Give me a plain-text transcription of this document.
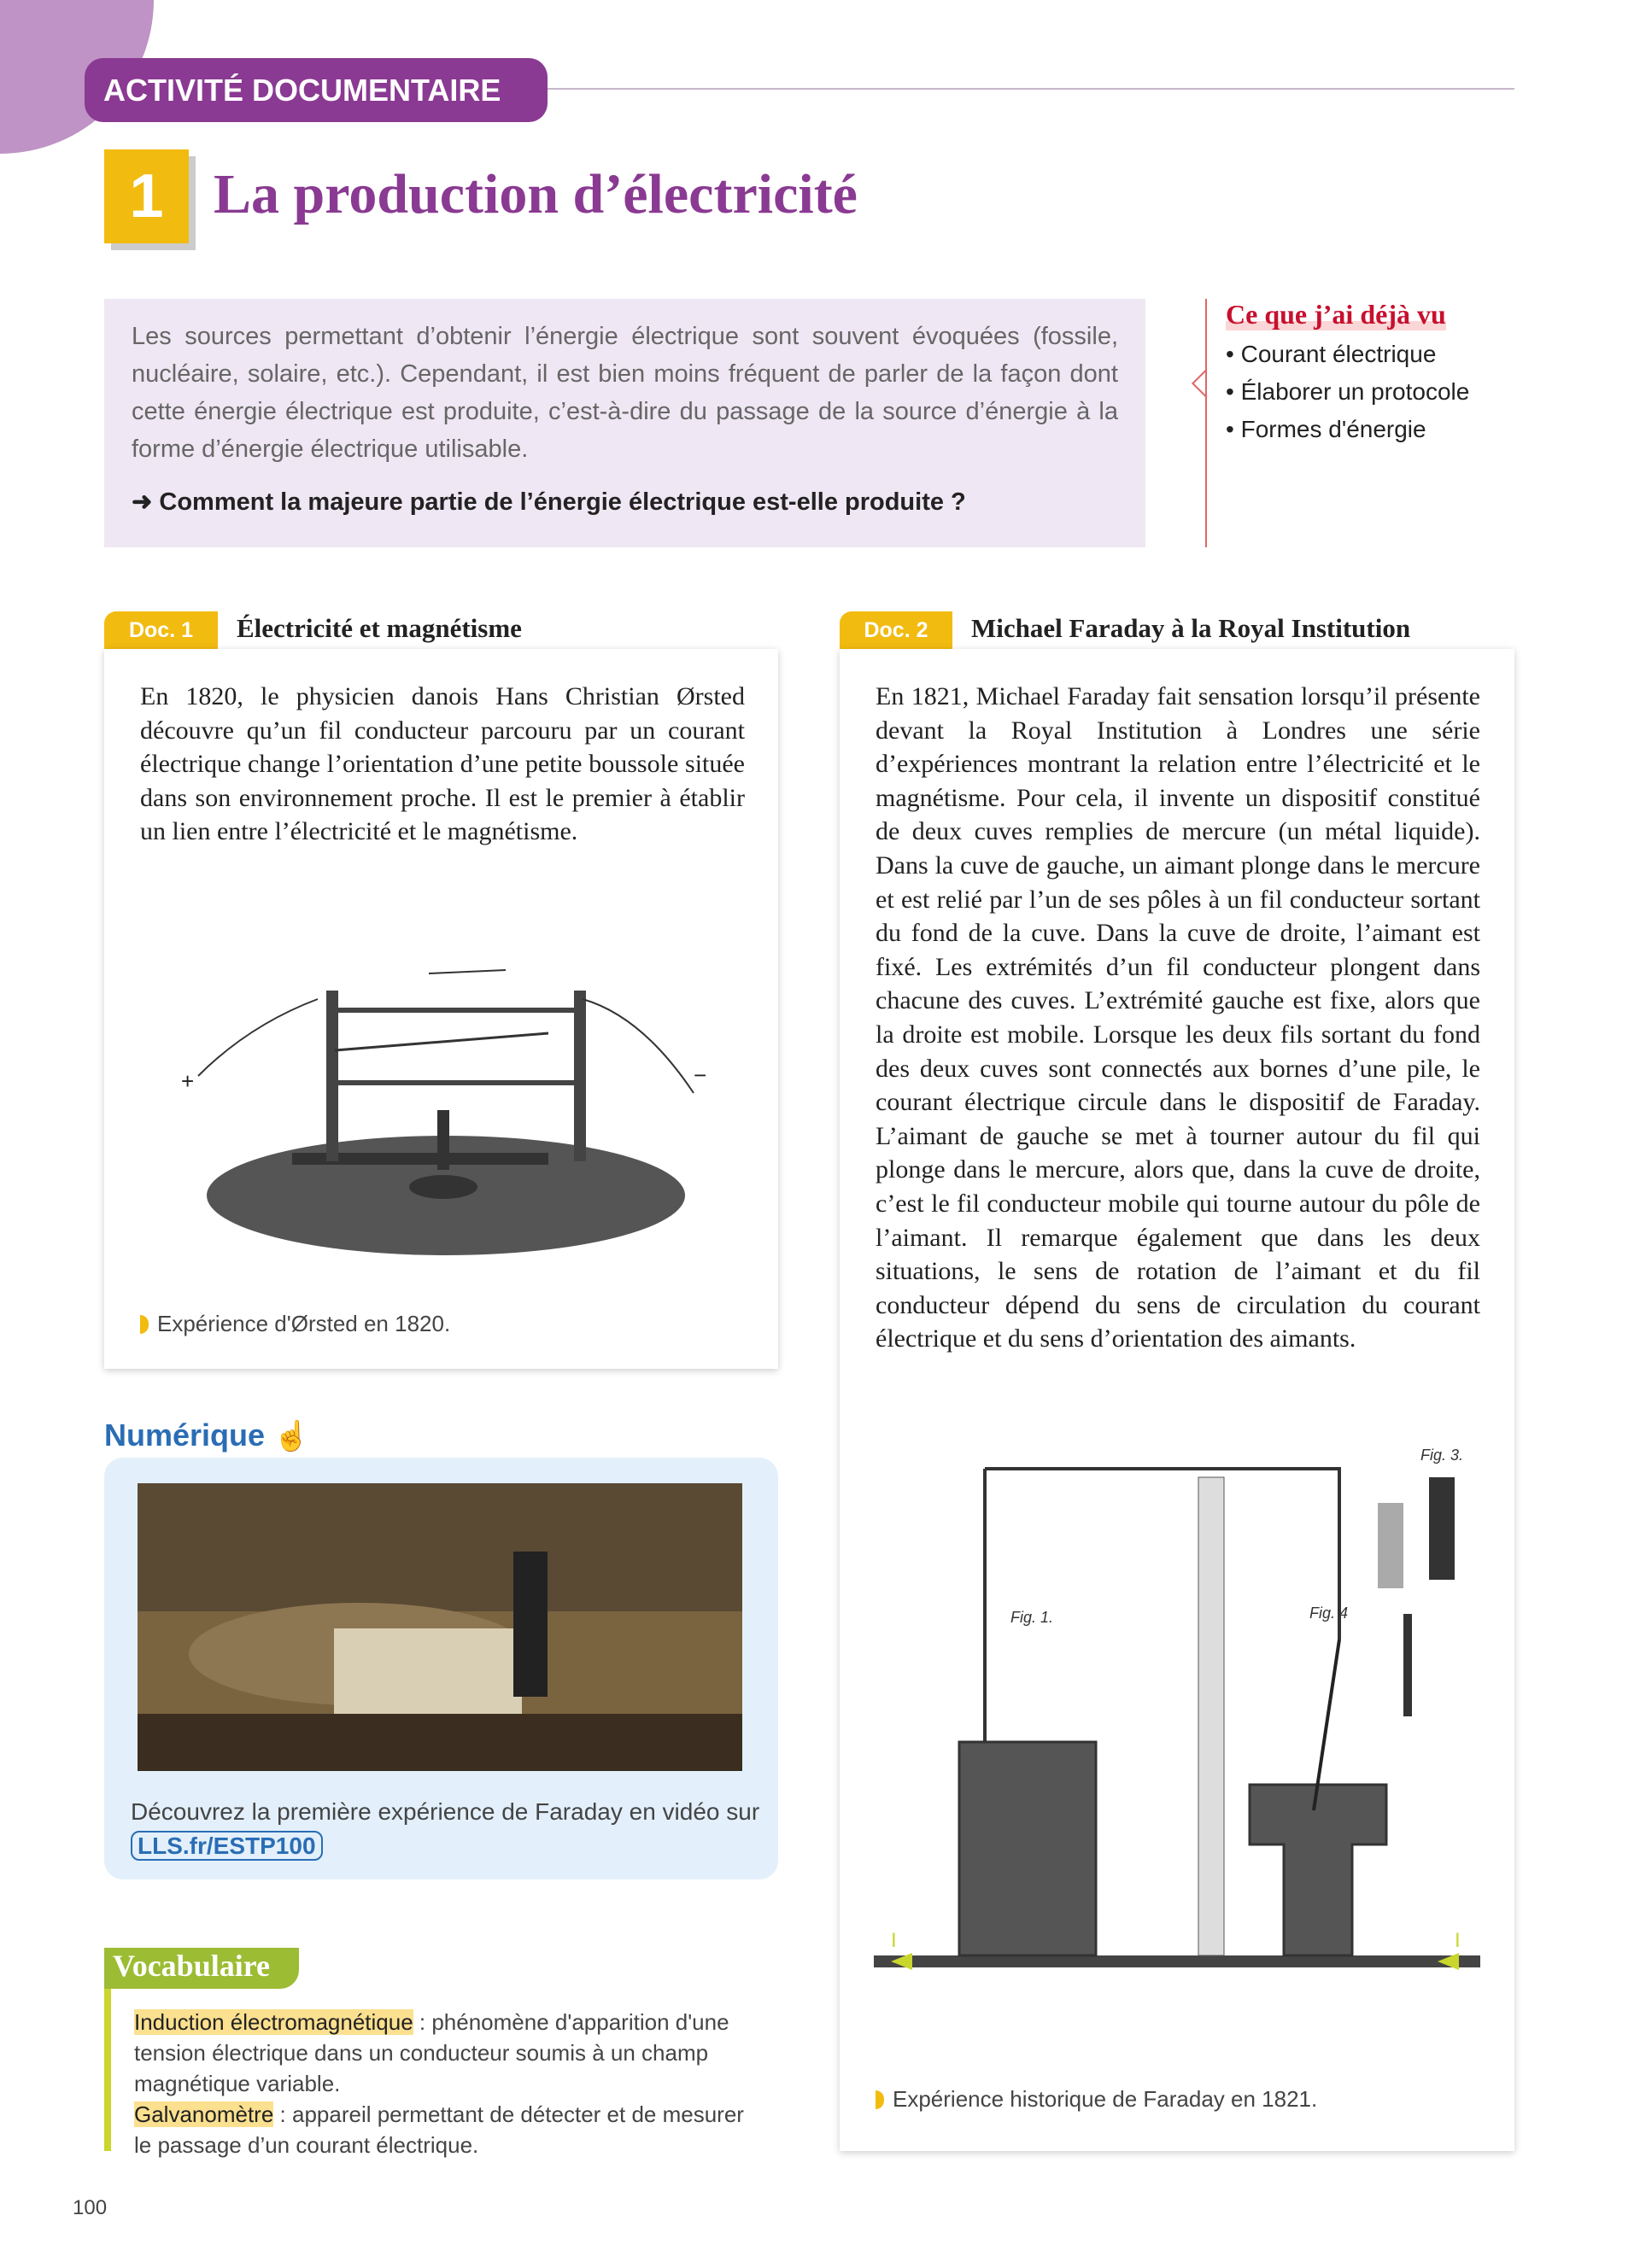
ACTIVITÉ DOCUMENTAIRE
1 La production d’électricité

Les sources permettant d’obtenir l’énergie électrique sont souvent évoquées (fossile, nucléaire, solaire, etc.). Cependant, il est bien moins fréquent de parler de la façon dont cette énergie électrique est produite, c’est-à-dire du passage de la source d’énergie à la forme d’énergie électrique utilisable.

➜ Comment la majeure partie de l’énergie électrique est-elle produite ?

Ce que j’ai déjà vu
• Courant électrique
• Élaborer un protocole
• Formes d'énergie
Doc. 1	Électricité et magnétisme

En 1820, le physicien danois Hans Christian Ørsted découvre qu’un fil conducteur parcouru par un courant électrique change l’orientation d’une petite boussole située dans son environnement proche. Il est le premier à établir un lien entre l’électricité et le magnétisme.

+	−
Expérience d'Ørsted en 1820.
Doc. 2	Michael Faraday à la Royal Institution

En 1821, Michael Faraday fait sensation lorsqu’il présente devant la Royal Institution à Londres une série d’expériences montrant la relation entre l’électricité et le magnétisme. Pour cela, il invente un dispositif constitué de deux cuves remplies de mercure (un métal liquide). Dans la cuve de gauche, un aimant plonge dans le mercure et est relié par l’un de ses pôles à un fil conducteur sortant du fond de la cuve. Dans la cuve de droite, l’aimant est fixé. Les extrémités d’un fil conducteur plongent dans chacune des cuves. L’extrémité gauche est fixe, alors que la droite est mobile. Lorsque les deux fils sortant du fond des deux cuves sont connectés aux bornes d’une pile, le courant électrique circule dans le dispositif de Faraday. L’aimant de gauche se met à tourner autour du fil qui plonge dans le mercure, alors que, dans la cuve de droite, c’est le fil conducteur mobile qui tourne autour du pôle de l’aimant. Il remarque également que dans les deux situations, le sens de rotation de l’aimant et du fil conducteur dépend du sens de circulation du courant électrique et du sens d’orientation des aimants.

Fig. 1.
Fig. 3.
Fig. 4
I	I
Expérience historique de Faraday en 1821.
Numérique ☝
Découvrez la première expérience de Faraday en vidéo sur LLS.fr/ESTP100
Vocabulaire
Induction électromagnétique : phénomène d'apparition d'une tension électrique dans un conducteur soumis à un champ magnétique variable.
Galvanomètre : appareil permettant de détecter et de mesurer le passage d’un courant électrique.
100
